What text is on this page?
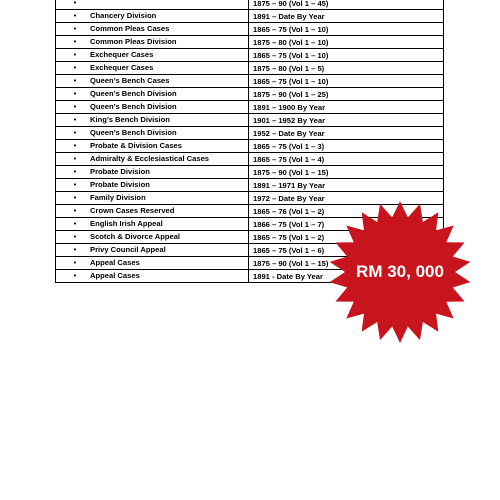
•	1875 – 90 (Vol 1 – 45)
• Chancery Division	1891 – Date By Year
• Common Pleas Cases	1865 – 75 (Vol 1 – 10)
• Common Pleas Division	1875 – 80 (Vol 1 – 10)
• Exchequer Cases	1865 – 75 (Vol 1 – 10)
• Exchequer Cases	1875 – 80 (Vol 1 – 5)
• Queen’s Bench Cases	1865 – 75 (Vol 1 – 10)
• Queen’s Bench Division	1875 – 90 (Vol 1 – 25)
• Queen’s Bench Division	1891 – 1900 By Year
• King’s Bench Division	1901 – 1952 By Year
• Queen’s Bench Division	1952 – Date By Year
• Probate & Division Cases	1865 – 75 (Vol 1 – 3)
• Admiralty & Ecclesiastical Cases	1865 – 75 (Vol 1 – 4)
• Probate Division	1875 – 90 (Vol 1 – 15)
• Probate Division	1891 – 1971 By Year
• Family Division	1972 – Date By Year
• Crown Cases Reserved	1865 – 76 (Vol 1 – 2)
• English Irish Appeal	1866 – 75 (Vol 1 – 7)
• Scotch & Divorce Appeal	1865 – 75 (Vol 1 – 2)
• Privy Council Appeal	1865 – 75 (Vol 1 – 6)
• Appeal Cases	1875 – 90 (Vol 1 – 15)
• Appeal Cases	1891 - Date By Year	RM 30, 000
